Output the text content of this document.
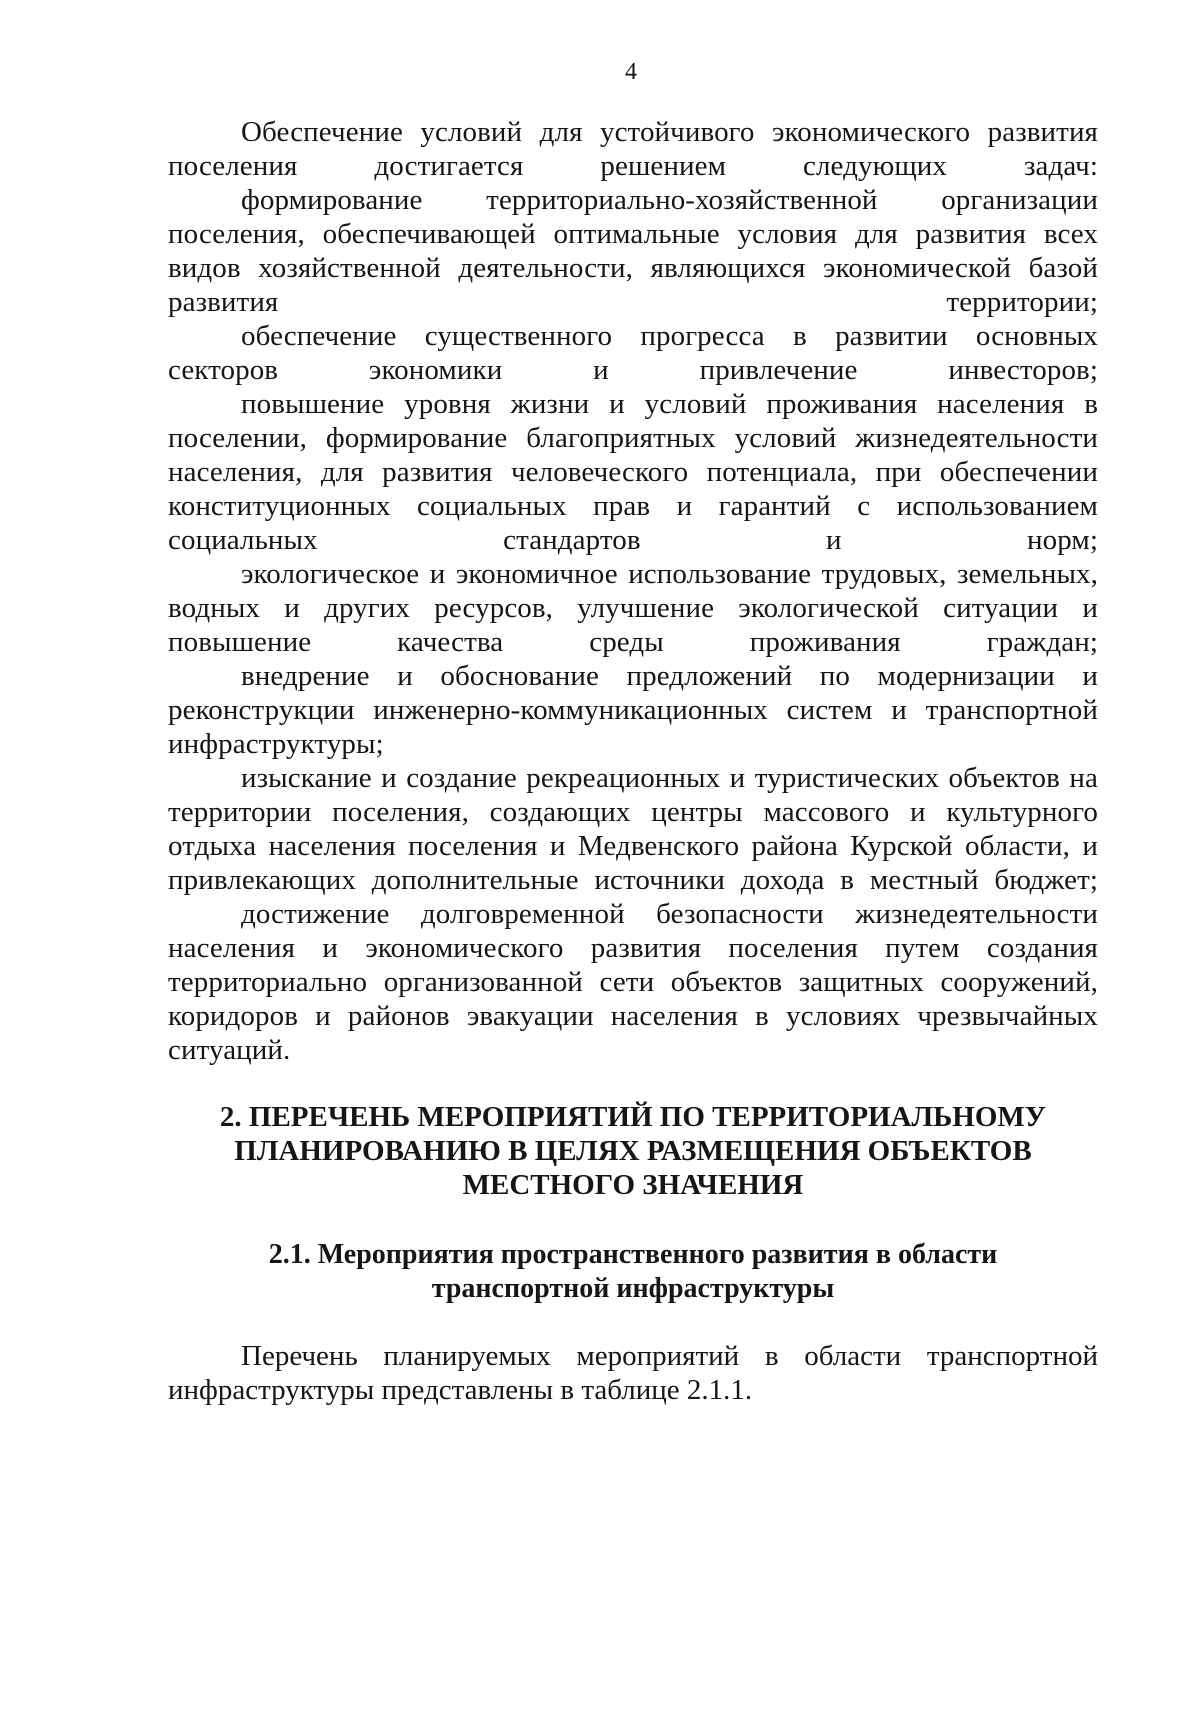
4

Обеспечение условий для устойчивого экономического развития поселения достигается решением следующих задач:

формирование территориально-хозяйственной организации поселения, обеспечивающей оптимальные условия для развития всех видов хозяйственной деятельности, являющихся экономической базой развития территории;

обеспечение существенного прогресса в развитии основных секторов экономики и привлечение инвесторов;

повышение уровня жизни и условий проживания населения в поселении, формирование благоприятных условий жизнедеятельности населения, для развития человеческого потенциала, при обеспечении конституционных социальных прав и гарантий с использованием социальных стандартов и норм;

экологическое и экономичное использование трудовых, земельных, водных и других ресурсов, улучшение экологической ситуации и повышение качества среды проживания граждан;

внедрение и обоснование предложений по модернизации и реконструкции инженерно-коммуникационных систем и транспортной инфраструктуры;

изыскание и создание рекреационных и туристических объектов на территории поселения, создающих центры массового и культурного отдыха населения поселения и Медвенского района Курской области, и привлекающих дополнительные источники дохода в местный бюджет;

достижение долговременной безопасности жизнедеятельности населения и экономического развития поселения путем создания территориально организованной сети объектов защитных сооружений, коридоров и районов эвакуации населения в условиях чрезвычайных ситуаций.

2. ПЕРЕЧЕНЬ МЕРОПРИЯТИЙ ПО ТЕРРИТОРИАЛЬНОМУ

ПЛАНИРОВАНИЮ В ЦЕЛЯХ РАЗМЕЩЕНИЯ ОБЪЕКТОВ

МЕСТНОГО ЗНАЧЕНИЯ

2.1. Мероприятия пространственного развития в области

транспортной инфраструктуры

Перечень планируемых мероприятий в области транспортной инфраструктуры представлены в таблице 2.1.1.
